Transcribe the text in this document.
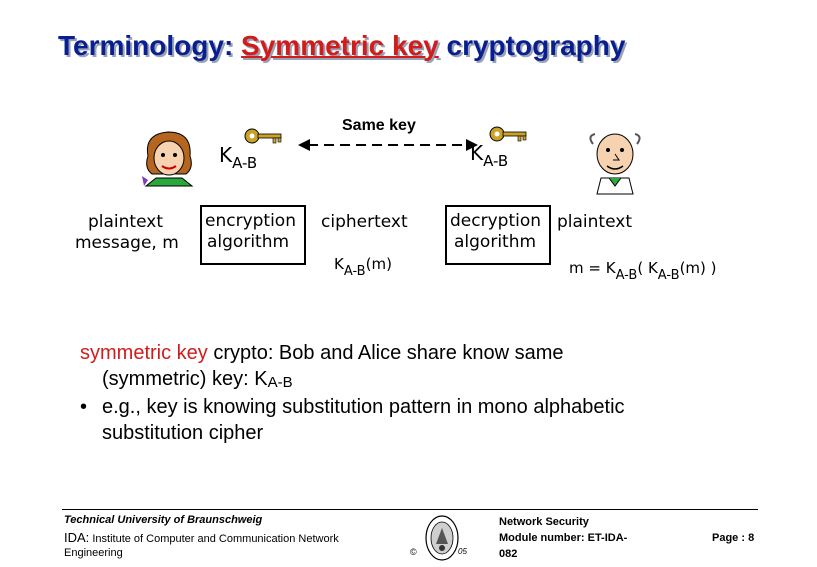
Terminology: Symmetric key cryptography
Same key
$K_{A-B}$	$K_{A-B}$
plaintext
message, m
encryption
algorithm
ciphertext
$K_{A-B}(m)$
decryption
algorithm
plaintext
$m = K_{A-B}$( $K_{A-B}(m)$ )
symmetric key crypto: Bob and Alice share know same
(symmetric) key: $K_{A-B}$
• e.g., key is knowing substitution pattern in mono alphabetic
substitution cipher
Technical University of Braunschweig
IDA: Institute of Computer and Communication Network
Engineering	©	05
Network Security
Module number: ET-IDA-
082
Page : 8
